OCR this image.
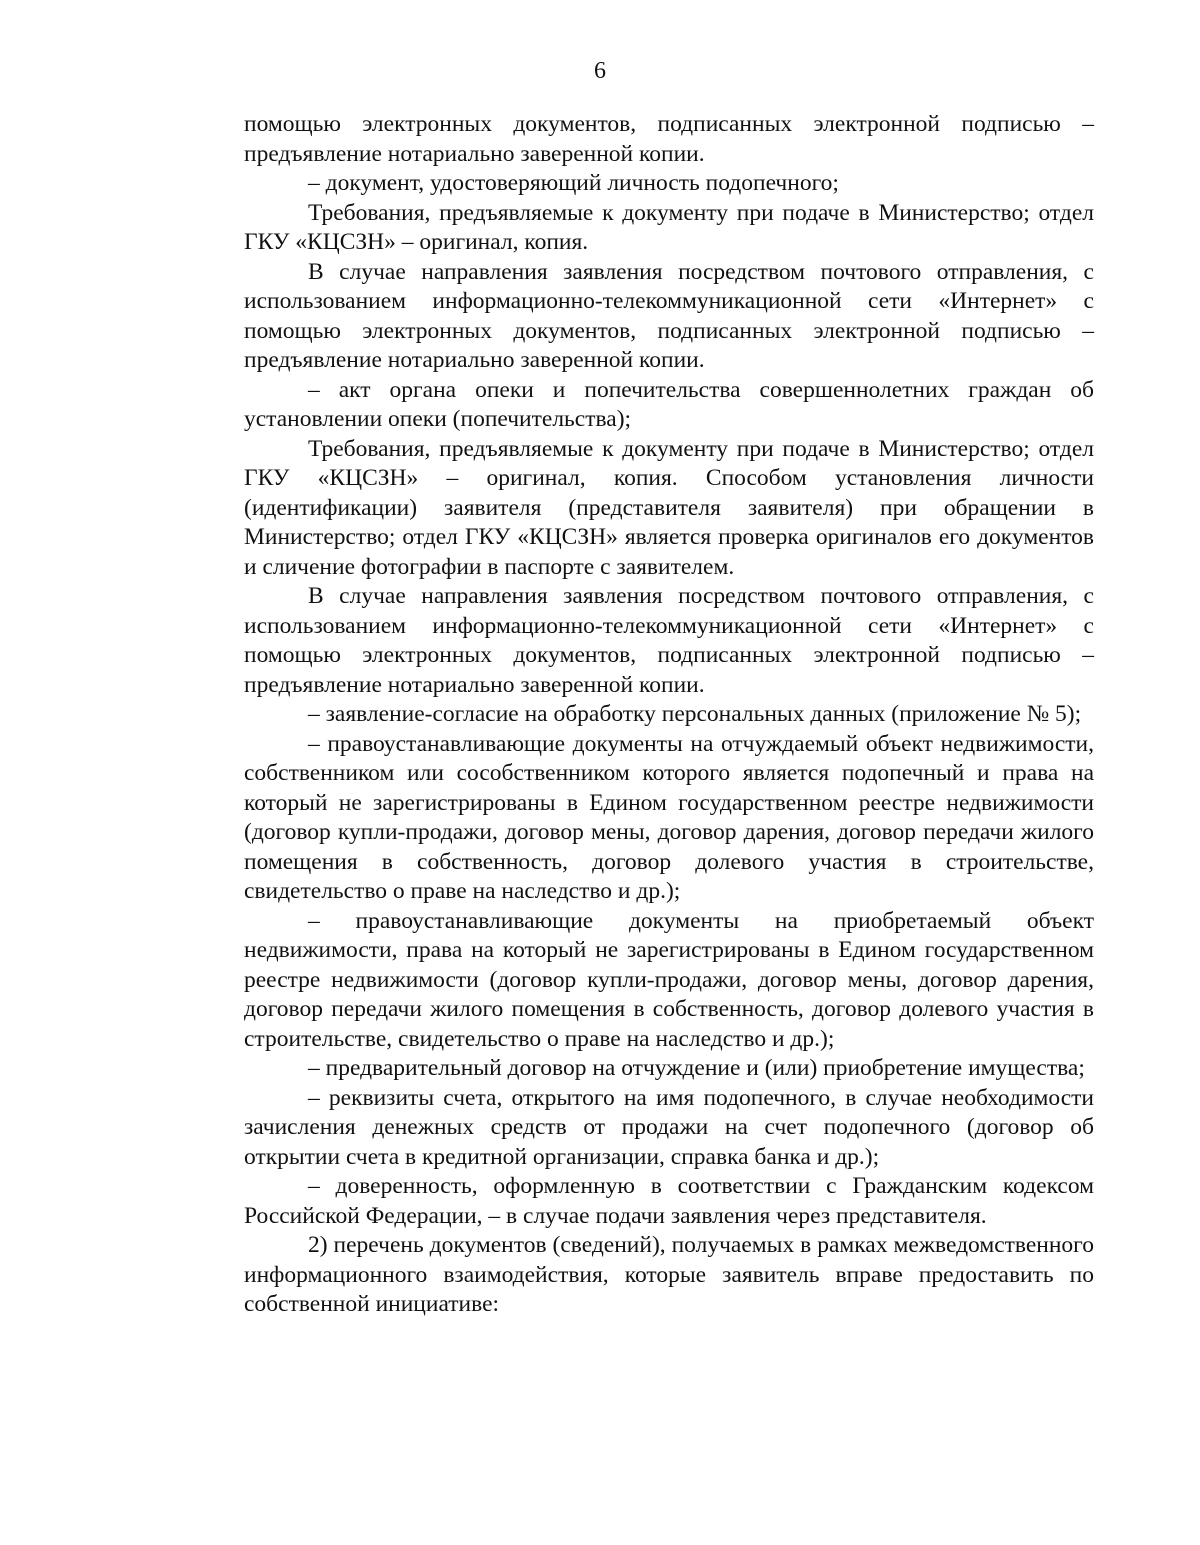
6

помощью электронных документов, подписанных электронной подписью – предъявление нотариально заверенной копии.

– документ, удостоверяющий личность подопечного;

Требования, предъявляемые к документу при подаче в Министерство; отдел ГКУ «КЦСЗН» – оригинал, копия.

В случае направления заявления посредством почтового отправления, с использованием информационно-телекоммуникационной сети «Интернет» с помощью электронных документов, подписанных электронной подписью – предъявление нотариально заверенной копии.

– акт органа опеки и попечительства совершеннолетних граждан об установлении опеки (попечительства);

Требования, предъявляемые к документу при подаче в Министерство; отдел ГКУ «КЦСЗН» – оригинал, копия. Способом установления личности (идентификации) заявителя (представителя заявителя) при обращении в Министерство; отдел ГКУ «КЦСЗН» является проверка оригиналов его документов и сличение фотографии в паспорте с заявителем.

В случае направления заявления посредством почтового отправления, с использованием информационно-телекоммуникационной сети «Интернет» с помощью электронных документов, подписанных электронной подписью – предъявление нотариально заверенной копии.

– заявление-согласие на обработку персональных данных (приложение № 5);

– правоустанавливающие документы на отчуждаемый объект недвижимости, собственником или сособственником которого является подопечный и права на который не зарегистрированы в Едином государственном реестре недвижимости (договор купли-продажи, договор мены, договор дарения, договор передачи жилого помещения в собственность, договор долевого участия в строительстве, свидетельство о праве на наследство и др.);

– правоустанавливающие документы на приобретаемый объект недвижимости, права на который не зарегистрированы в Едином государственном реестре недвижимости (договор купли-продажи, договор мены, договор дарения, договор передачи жилого помещения в собственность, договор долевого участия в строительстве, свидетельство о праве на наследство и др.);

– предварительный договор на отчуждение и (или) приобретение имущества;

– реквизиты счета, открытого на имя подопечного, в случае необходимости зачисления денежных средств от продажи на счет подопечного (договор об открытии счета в кредитной организации, справка банка и др.);

– доверенность, оформленную в соответствии с Гражданским кодексом Российской Федерации, – в случае подачи заявления через представителя.

2) перечень документов (сведений), получаемых в рамках межведомственного информационного взаимодействия, которые заявитель вправе предоставить по собственной инициативе:
